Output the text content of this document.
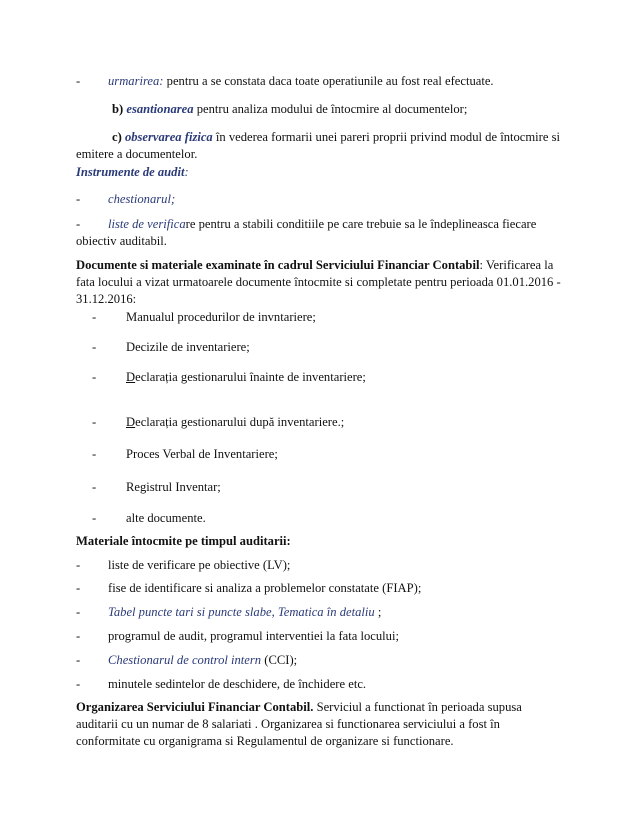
- urmarirea: pentru a se constata daca toate operatiunile au fost real efectuate.
b) esantionarea pentru analiza modului de întocmire al documentelor;
c) observarea fizica în vederea formarii unei pareri proprii privind modul de întocmire si
emitere a documentelor.
Instrumente de audit:
- chestionarul;
- liste de verificare pentru a stabili conditiile pe care trebuie sa le îndeplineasca fiecare
obiectiv auditabil.
Documente si materiale examinate în cadrul Serviciului Financiar Contabil: Verificarea la
fata locului a vizat urmatoarele documente întocmite si completate pentru perioada 01.01.2016 -
31.12.2016:
- Manualul procedurilor de invntariere;
- Decizile de inventariere;
- Declarația gestionarului înainte de inventariere;
- Declarația gestionarului după inventariere.;
- Proces Verbal de Inventariere;
- Registrul Inventar;
- alte documente.
Materiale întocmite pe timpul auditarii:
- liste de verificare pe obiective (LV);
- fise de identificare si analiza a problemelor constatate (FIAP);
- Tabel puncte tari si puncte slabe, Tematica în detaliu ;
- programul de audit, programul interventiei la fata locului;
- Chestionarul de control intern (CCI);
- minutele sedintelor de deschidere, de închidere etc.
Organizarea Serviciului Financiar Contabil. Serviciul a functionat în perioada supusa
auditarii cu un numar de 8 salariati . Organizarea si functionarea serviciului a fost în
conformitate cu organigrama si Regulamentul de organizare si functionare.
